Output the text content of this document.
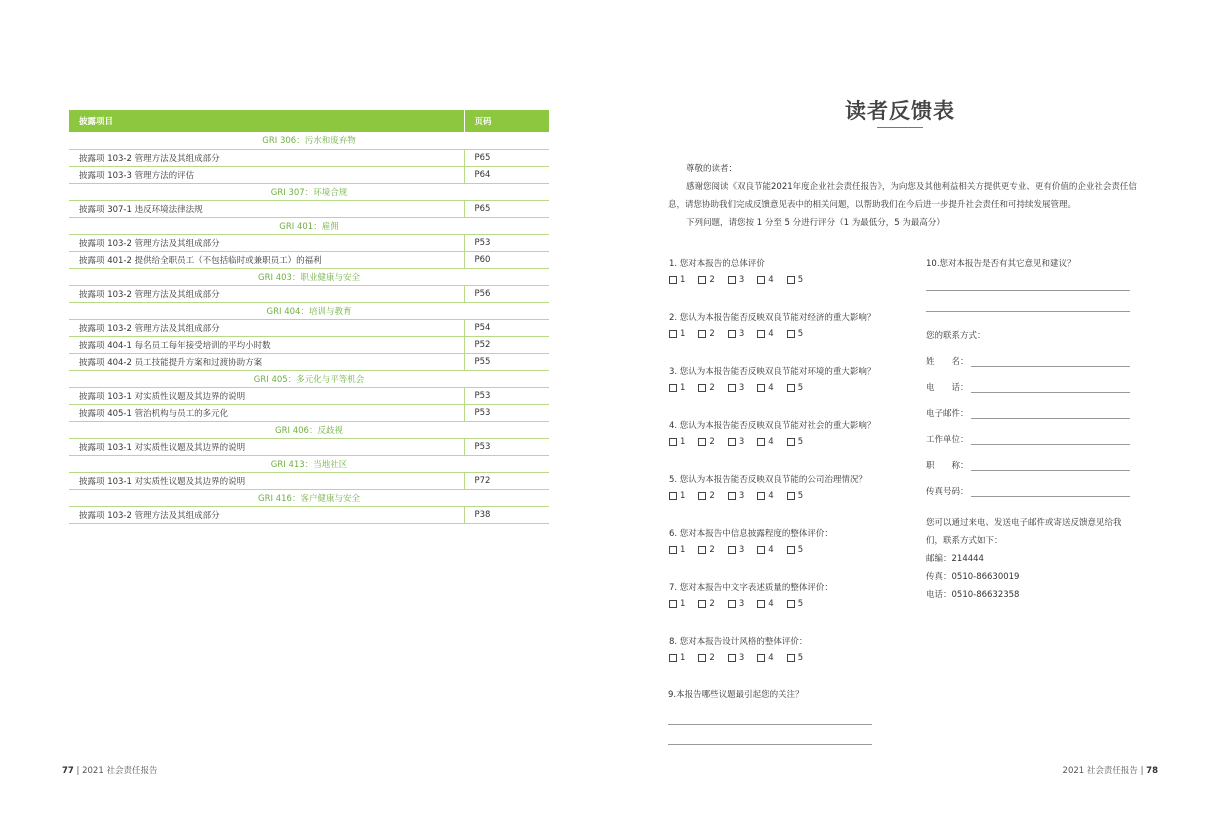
披露项目	页码
GRI 306：污水和废弃物	
披露项 103-2 管理方法及其组成部分	P65
披露项 103-3 管理方法的评估	P64
GRI 307：环境合规	
披露项 307-1 违反环境法律法规	P65
GRI 401：雇佣	
披露项 103-2 管理方法及其组成部分	P53
披露项 401-2 提供给全职员工（不包括临时或兼职员工）的福利	P60
GRI 403：职业健康与安全	
披露项 103-2 管理方法及其组成部分	P56
GRI 404：培训与教育	
披露项 103-2 管理方法及其组成部分	P54
披露项 404-1 每名员工每年接受培训的平均小时数	P52
披露项 404-2 员工技能提升方案和过渡协助方案	P55
GRI 405：多元化与平等机会	
披露项 103-1 对实质性议题及其边界的说明	P53
披露项 405-1 管治机构与员工的多元化	P53
GRI 406：反歧视	
披露项 103-1 对实质性议题及其边界的说明	P53
GRI 413：当地社区	
披露项 103-1 对实质性议题及其边界的说明	P72
GRI 416：客户健康与安全	
披露项 103-2 管理方法及其组成部分	P38
77 | 2021 社会责任报告
读者反馈表

尊敬的读者：

感谢您阅读《双良节能2021年度企业社会责任报告》，为向您及其他利益相关方提供更专业、更有价值的企业社会责任信息，请您协助我们完成反馈意见表中的相关问题，以帮助我们在今后进一步提升社会责任和可持续发展管理。

下列问题，请您按 1 分至 5 分进行评分（1 为最低分，5 为最高分）

1. 您对本报告的总体评价
1	2	3	4	5
2. 您认为本报告能否反映双良节能对经济的重大影响？
1	2	3	4	5
3. 您认为本报告能否反映双良节能对环境的重大影响？
1	2	3	4	5
4. 您认为本报告能否反映双良节能对社会的重大影响？
1	2	3	4	5
5. 您认为本报告能否反映双良节能的公司治理情况？
1	2	3	4	5
6. 您对本报告中信息披露程度的整体评价：
1	2	3	4	5
7. 您对本报告中文字表述质量的整体评价：
1	2	3	4	5
8. 您对本报告设计风格的整体评价：
1	2	3	4	5
9.本报告哪些议题最引起您的关注？
10.您对本报告是否有其它意见和建议？
您的联系方式：
姓　　名：
电　　话：
电子邮件：
工作单位：
职　　称：
传真号码：
您可以通过来电、发送电子邮件或寄送反馈意见给我们，联系方式如下：
邮编：214444
传真：0510-86630019
电话：0510-86632358
2021 社会责任报告 | 78
